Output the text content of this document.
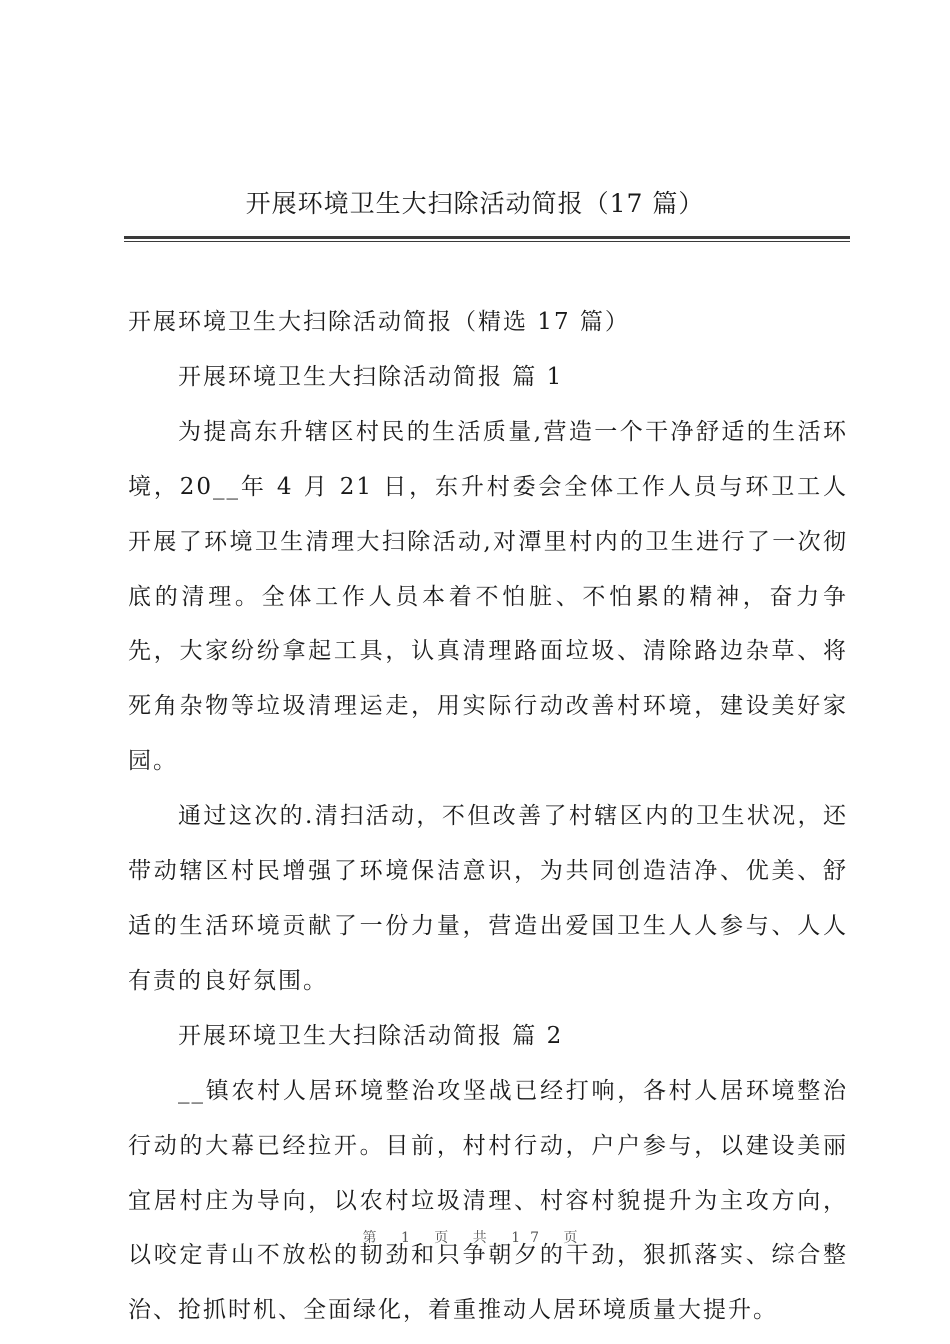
开展环境卫生大扫除活动简报（17 篇）

开展环境卫生大扫除活动简报（精选 17 篇）

开展环境卫生大扫除活动简报 篇 1

为提高东升辖区村民的生活质量,营造一个干净舒适的生活环境，20__年 4 月 21 日，东升村委会全体工作人员与环卫工人开展了环境卫生清理大扫除活动,对潭里村内的卫生进行了一次彻底的清理。全体工作人员本着不怕脏、不怕累的精神，奋力争先，大家纷纷拿起工具，认真清理路面垃圾、清除路边杂草、将死角杂物等垃圾清理运走，用实际行动改善村环境，建设美好家园。

通过这次的.清扫活动，不但改善了村辖区内的卫生状况，还带动辖区村民增强了环境保洁意识，为共同创造洁净、优美、舒适的生活环境贡献了一份力量，营造出爱国卫生人人参与、人人有责的良好氛围。

开展环境卫生大扫除活动简报 篇 2

__镇农村人居环境整治攻坚战已经打响，各村人居环境整治行动的大幕已经拉开。目前，村村行动，户户参与，以建设美丽宜居村庄为导向，以农村垃圾清理、村容村貌提升为主攻方向，以咬定青山不放松的韧劲和只争朝夕的干劲，狠抓落实、综合整治、抢抓时机、全面绿化，着重推动人居环境质量大提升。

第 1 页 共 17 页
